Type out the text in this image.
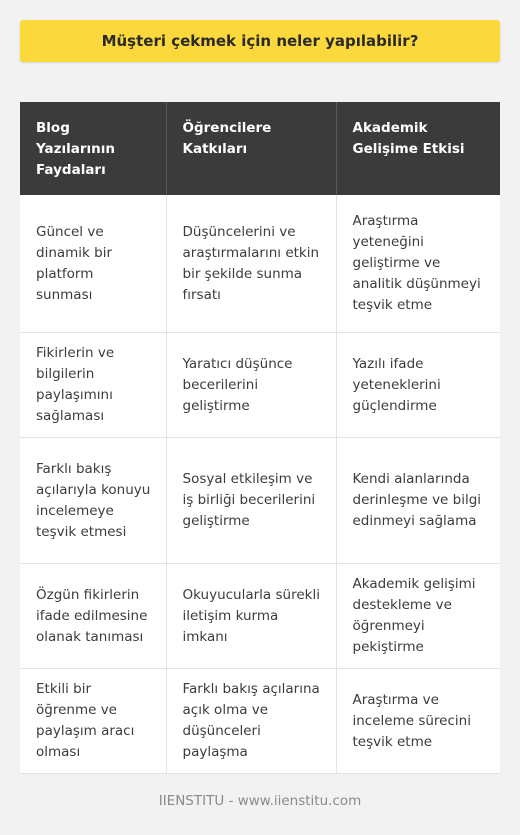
Müşteri çekmek için neler yapılabilir?
Blog Yazılarının Faydaları	Öğrencilere Katkıları	Akademik Gelişime Etkisi
Güncel ve dinamik bir platform sunması	Düşüncelerini ve araştırmalarını etkin bir şekilde sunma fırsatı	Araştırma yeteneğini geliştirme ve analitik düşünmeyi teşvik etme
Fikirlerin ve bilgilerin paylaşımını sağlaması	Yaratıcı düşünce becerilerini geliştirme	Yazılı ifade yeteneklerini güçlendirme
Farklı bakış açılarıyla konuyu incelemeye teşvik etmesi	Sosyal etkileşim ve iş birliği becerilerini geliştirme	Kendi alanlarında derinleşme ve bilgi edinmeyi sağlama
Özgün fikirlerin ifade edilmesine olanak tanıması	Okuyucularla sürekli iletişim kurma imkanı	Akademik gelişimi destekleme ve öğrenmeyi pekiştirme
Etkili bir öğrenme ve paylaşım aracı olması	Farklı bakış açılarına açık olma ve düşünceleri paylaşma	Araştırma ve inceleme sürecini teşvik etme
IIENSTITU - www.iienstitu.com
